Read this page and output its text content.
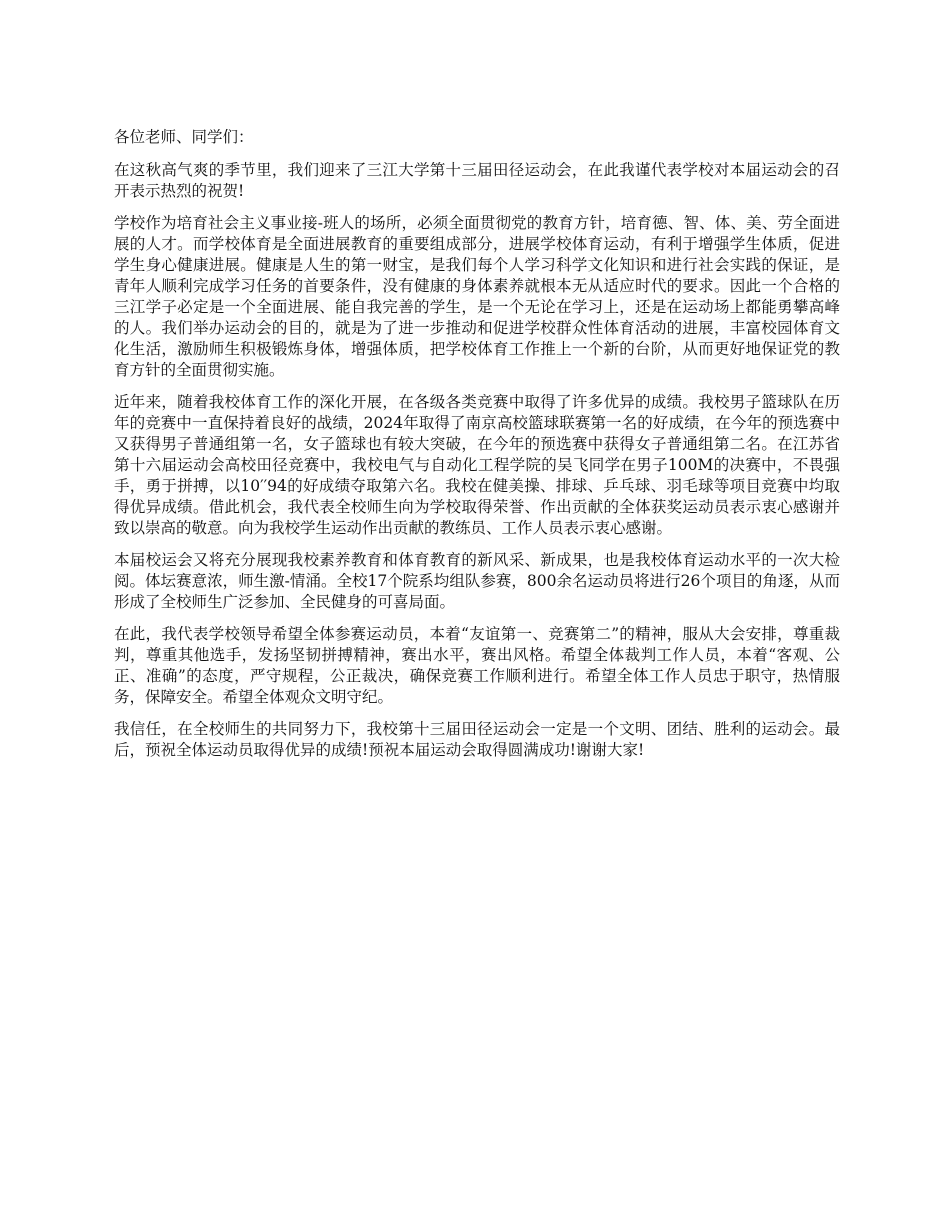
各位老师、同学们：

在这秋高气爽的季节里，我们迎来了三江大学第十三届田径运动会，在此我谨代表学校对本届运动会的召开表示热烈的祝贺!

学校作为培育社会主义事业接-班人的场所，必须全面贯彻党的教育方针，培育德、智、体、美、劳全面进展的人才。而学校体育是全面进展教育的重要组成部分，进展学校体育运动，有利于增强学生体质，促进学生身心健康进展。健康是人生的第一财宝，是我们每个人学习科学文化知识和进行社会实践的保证，是青年人顺利完成学习任务的首要条件，没有健康的身体素养就根本无从适应时代的要求。因此一个合格的三江学子必定是一个全面进展、能自我完善的学生，是一个无论在学习上，还是在运动场上都能勇攀高峰的人。我们举办运动会的目的，就是为了进一步推动和促进学校群众性体育活动的进展，丰富校园体育文化生活，激励师生积极锻炼身体，增强体质，把学校体育工作推上一个新的台阶，从而更好地保证党的教育方针的全面贯彻实施。

近年来，随着我校体育工作的深化开展，在各级各类竞赛中取得了许多优异的成绩。我校男子篮球队在历年的竞赛中一直保持着良好的战绩，2024年取得了南京高校篮球联赛第一名的好成绩，在今年的预选赛中又获得男子普通组第一名，女子篮球也有较大突破，在今年的预选赛中获得女子普通组第二名。在江苏省第十六届运动会高校田径竞赛中，我校电气与自动化工程学院的吴飞同学在男子100M的决赛中，不畏强手，勇于拼搏，以10′′94的好成绩夺取第六名。我校在健美操、排球、乒乓球、羽毛球等项目竞赛中均取得优异成绩。借此机会，我代表全校师生向为学校取得荣誉、作出贡献的全体获奖运动员表示衷心感谢并致以崇高的敬意。向为我校学生运动作出贡献的教练员、工作人员表示衷心感谢。

本届校运会又将充分展现我校素养教育和体育教育的新风采、新成果，也是我校体育运动水平的一次大检阅。体坛赛意浓，师生激-情涌。全校17个院系均组队参赛，800余名运动员将进行26个项目的角逐，从而形成了全校师生广泛参加、全民健身的可喜局面。

在此，我代表学校领导希望全体参赛运动员，本着“友谊第一、竞赛第二”的精神，服从大会安排，尊重裁判，尊重其他选手，发扬坚韧拼搏精神，赛出水平，赛出风格。希望全体裁判工作人员，本着“客观、公正、准确”的态度，严守规程，公正裁决，确保竞赛工作顺利进行。希望全体工作人员忠于职守，热情服务，保障安全。希望全体观众文明守纪。

我信任，在全校师生的共同努力下，我校第十三届田径运动会一定是一个文明、团结、胜利的运动会。最后，预祝全体运动员取得优异的成绩!预祝本届运动会取得圆满成功!谢谢大家!
